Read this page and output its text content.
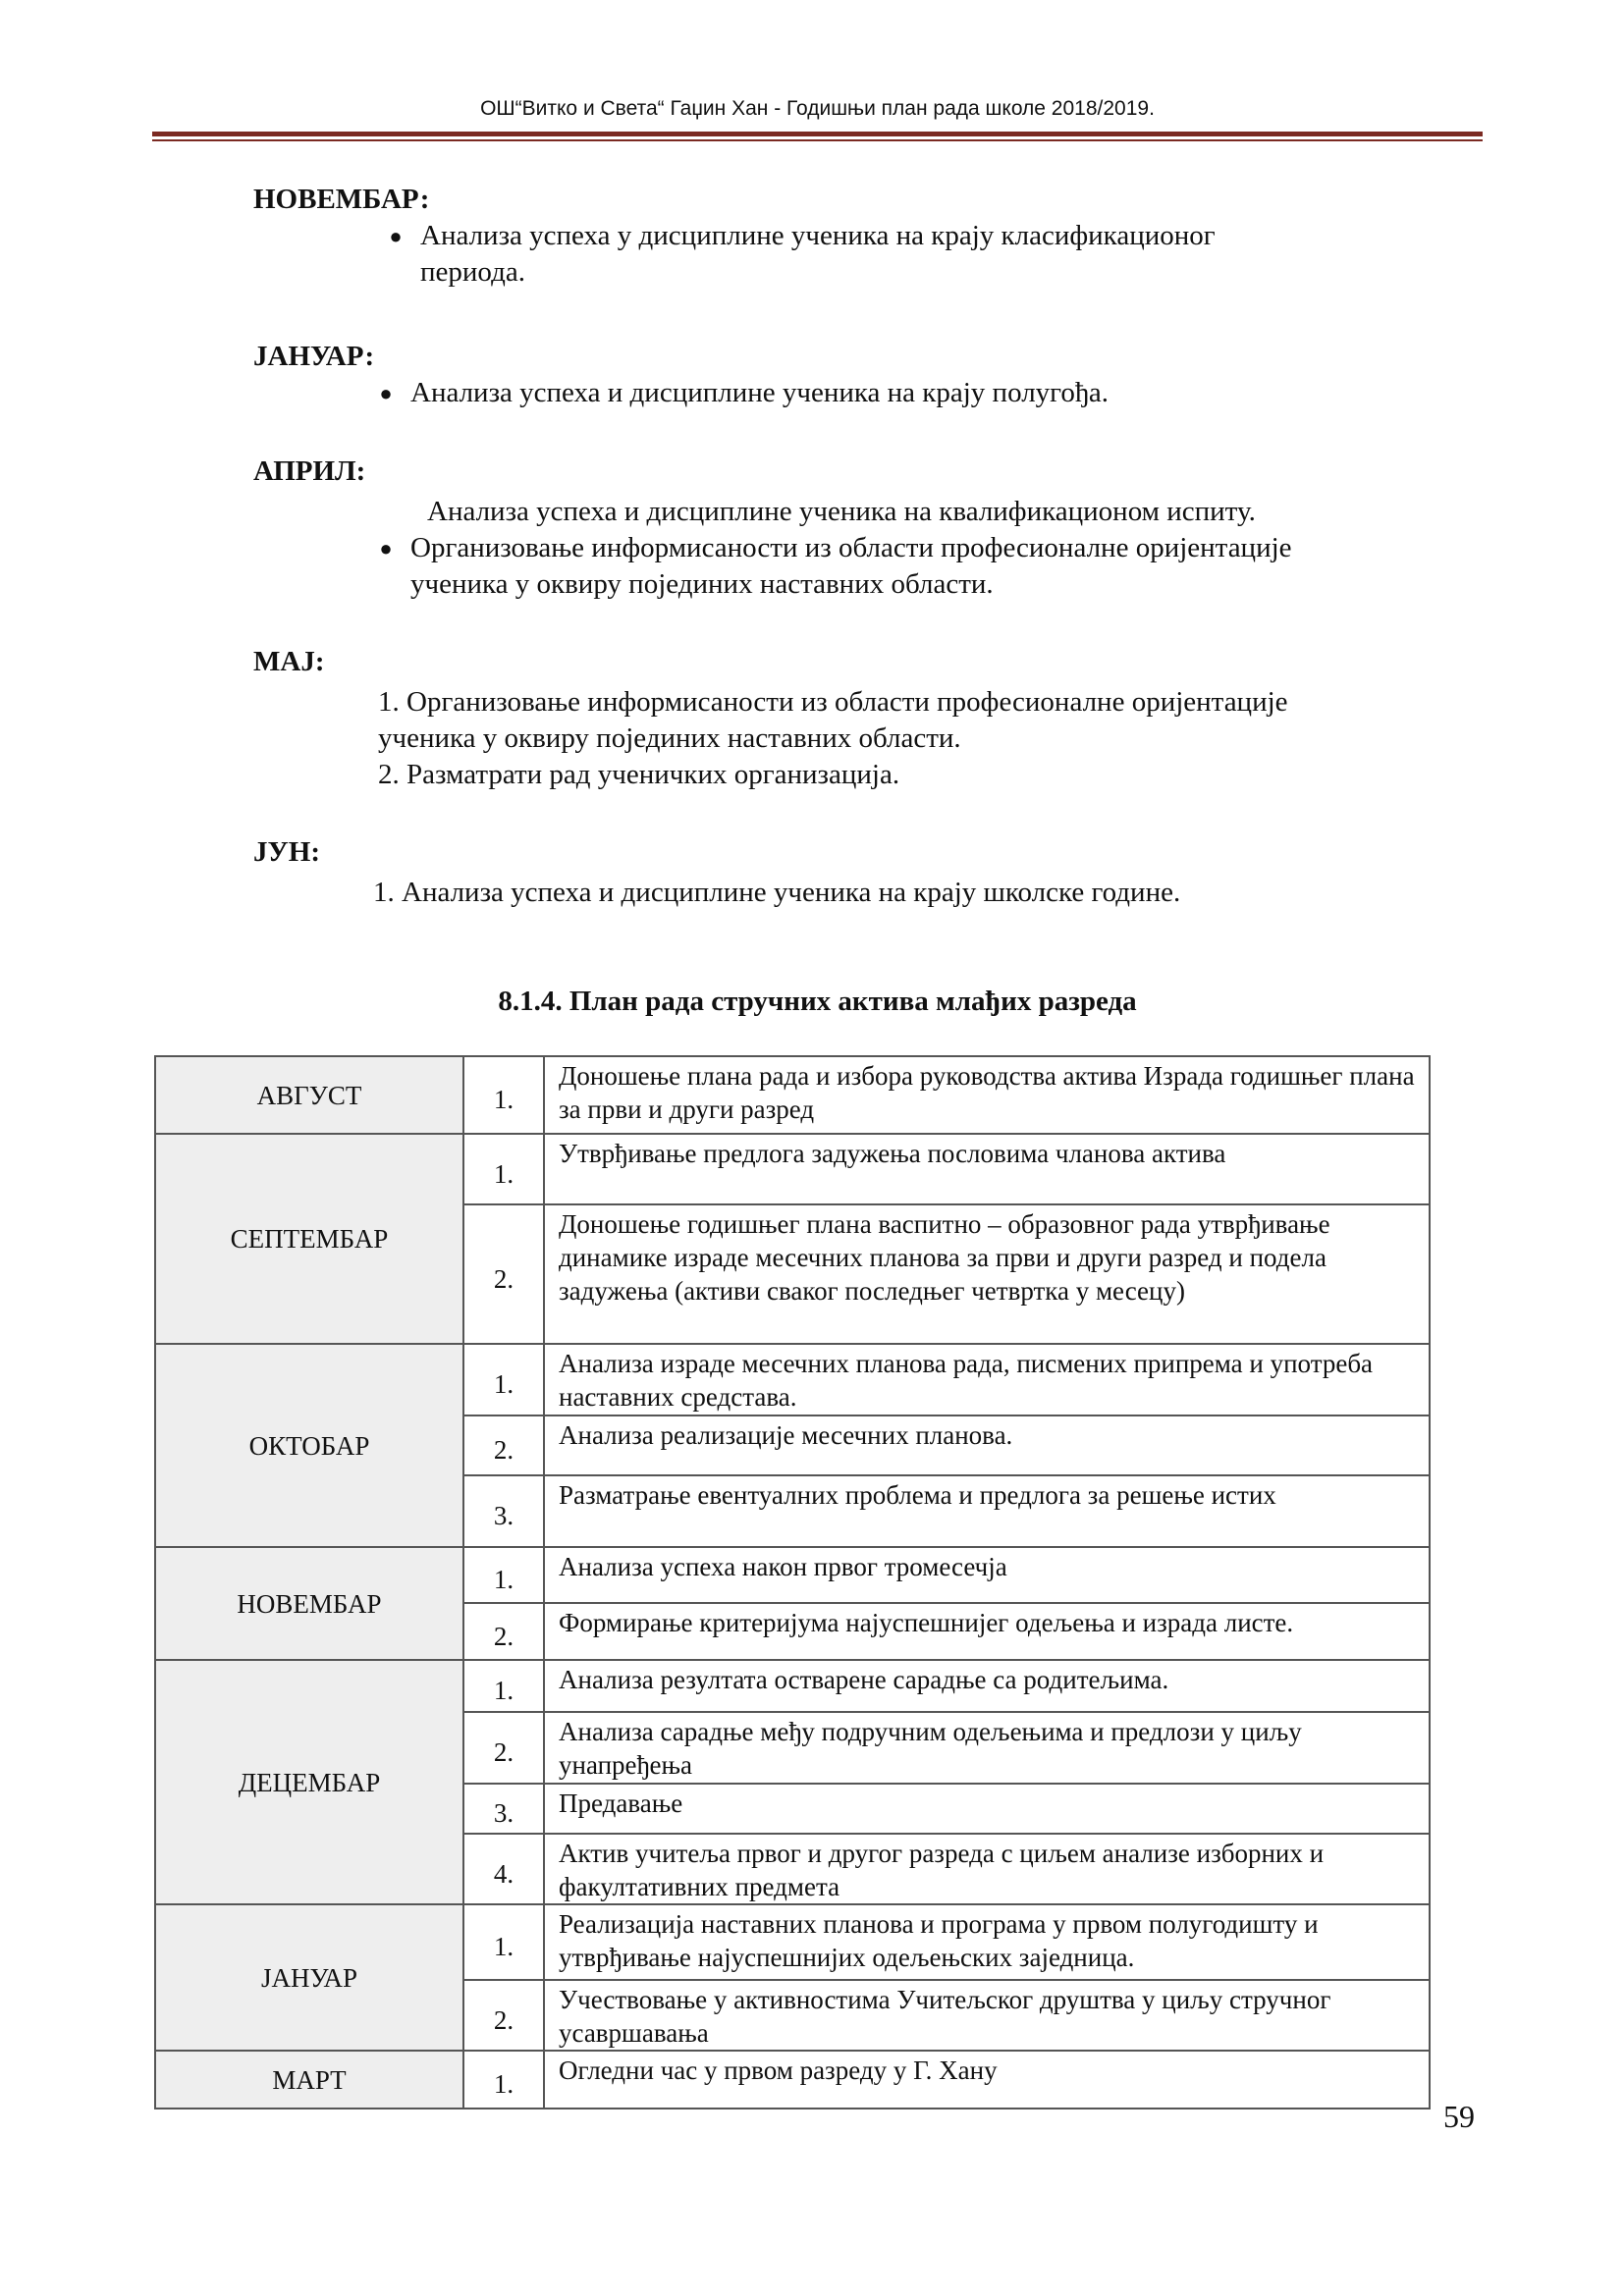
ОШ“Витко и Света“ Гаџин Хан - Годишњи план рада школе 2018/2019.
НОВЕМБАР:
● Анализа успеха у дисциплине ученика на крају класификационог
периода.
ЈАНУАР:
● Анализа успеха и дисциплине ученика на крају полугођа.
АПРИЛ:
Анализа успеха и дисциплине ученика на квалификационом испиту.
● Организовање информисаности из области професионалне оријентације
ученика у оквиру појединих наставних области.
МАЈ:
1. Организовање информисаности из области професионалне оријентације
ученика у оквиру појединих наставних области.
2. Разматрати рад ученичких организација.
ЈУН:
1. Анализа успеха и дисциплине ученика на крају школске године.
8.1.4. План рада стручних актива млађих разреда
АВГУСТ	1.	Доношење плана рада и избора руководства актива Израда годишњег плана за први и други разред
СЕПТЕМБАР	1.	Утврђивање предлога задужења пословима чланова актива
	2.	Доношење годишњег плана васпитно – образовног рада утврђивање динамике израде месечних планова за први и други разред и подела задужења (активи сваког последњег четвртка у месецу)
ОКТОБАР	1.	Анализа израде месечних планова рада, писмених припрема и употреба наставних средстава.
	2.	Анализа реализације месечних планова.
	3.	Разматрање евентуалних проблема и предлога за решење истих
НОВЕМБАР	1.	Анализа успеха након првог тромесечја
	2.	Формирање критеријума најуспешнијег одељења и израда листе.
ДЕЦЕМБАР	1.	Анализа резултата остварене сарадње са родитељима.
	2.	Анализа сарадње међу подручним одељењима и предлози у циљу унапређења
	3.	Предавање
	4.	Актив учитеља првог и другог разреда с циљем анализе изборних и факултативних предмета
ЈАНУАР	1.	Реализација наставних планова и програма у првом полугодишту и утврђивање најуспешнијих одељењских заједница.
	2.	Учествовање у активностима Учитељског друштва у циљу стручног усавршавања
МАРТ	1.	Огледни час у првом разреду у Г. Хану
59
